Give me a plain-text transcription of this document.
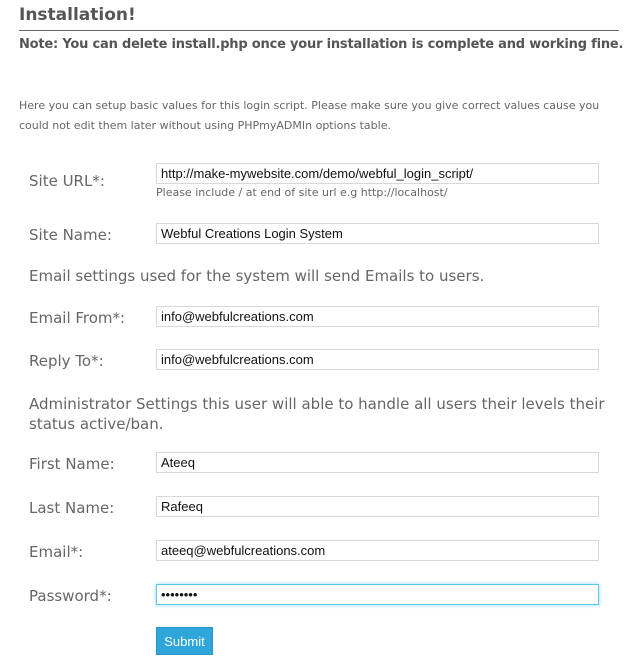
Installation!
Note: You can delete install.php once your installation is complete and working fine.
Here you can setup basic values for this login script. Please make sure you give correct values cause you could not edit them later without using PHPmyADMIn options table.
Site URL*:
http://make-mywebsite.com/demo/webful_login_script/
Please include / at end of site url e.g http://localhost/
Site Name:
Webful Creations Login System
Email settings used for the system will send Emails to users.
Email From*:
info@webfulcreations.com
Reply To*:
info@webfulcreations.com
Administrator Settings this user will able to handle all users their levels their status active/ban.
First Name:
Ateeq
Last Name:
Rafeeq
Email*:
ateeq@webfulcreations.com
Password*:
Submit
